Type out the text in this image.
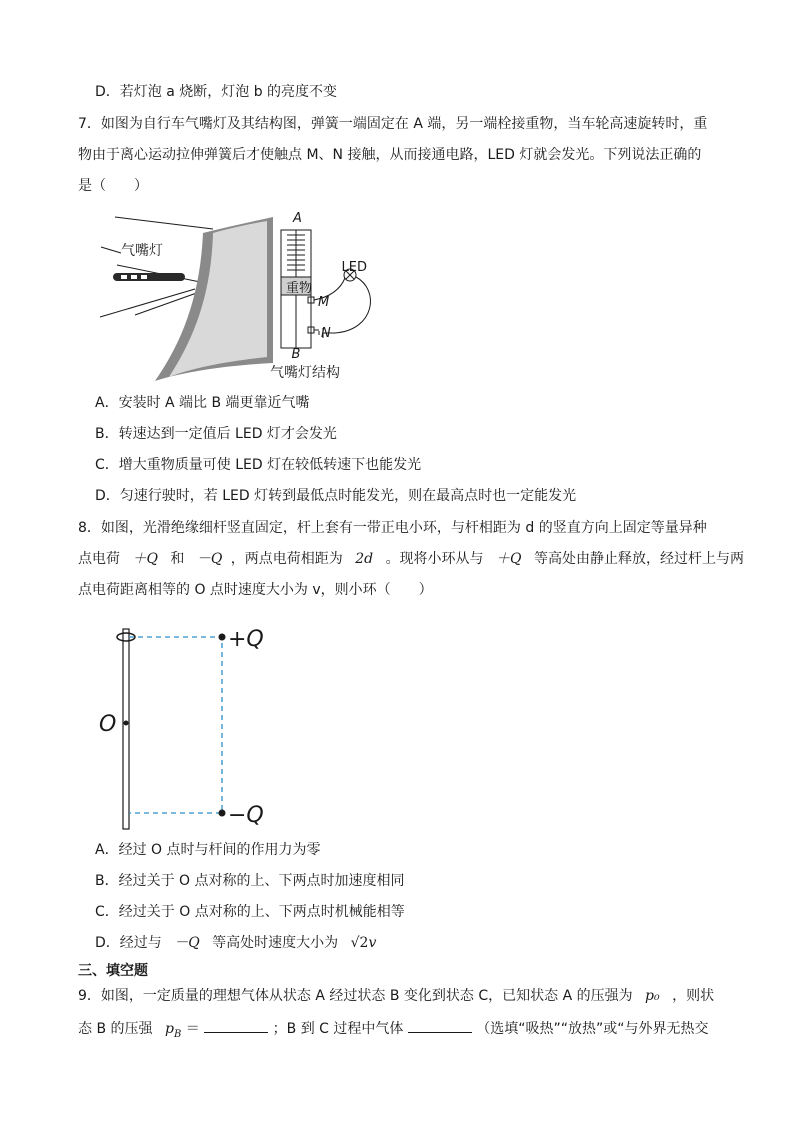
D．若灯泡 a 烧断，灯泡 b 的亮度不变
7．如图为自行车气嘴灯及其结构图，弹簧一端固定在 A 端，另一端栓接重物，当车轮高速旋转时，重
物由于离心运动拉伸弹簧后才使触点 M、N 接触，从而接通电路，LED 灯就会发光。下列说法正确的
是（　　）
气嘴灯
A
重物
M
N
LED
B
气嘴灯结构
A．安装时 A 端比 B 端更靠近气嘴
B．转速达到一定值后 LED 灯才会发光
C．增大重物质量可使 LED 灯在较低转速下也能发光
D．匀速行驶时，若 LED 灯转到最低点时能发光，则在最高点时也一定能发光
8．如图，光滑绝缘细杆竖直固定，杆上套有一带正电小环，与杆相距为 d 的竖直方向上固定等量异种
点电荷 ＋Q 和 －Q ，两点电荷相距为 2d 。现将小环从与 ＋Q 等高处由静止释放，经过杆上与两
点电荷距离相等的 O 点时速度大小为 v，则小环（　　）
O
+Q
−Q
A．经过 O 点时与杆间的作用力为零
B．经过关于 O 点对称的上、下两点时加速度相同
C．经过关于 O 点对称的上、下两点时机械能相等
D．经过与 －Q 等高处时速度大小为 √2v
三、填空题
9．如图，一定质量的理想气体从状态 A 经过状态 B 变化到状态 C，已知状态 A 的压强为 p₀ ，则状
态 B 的压强 $p_B$ ＝	；B 到 C 过程中气体	（选填“吸热”“放热”或“与外界无热交
